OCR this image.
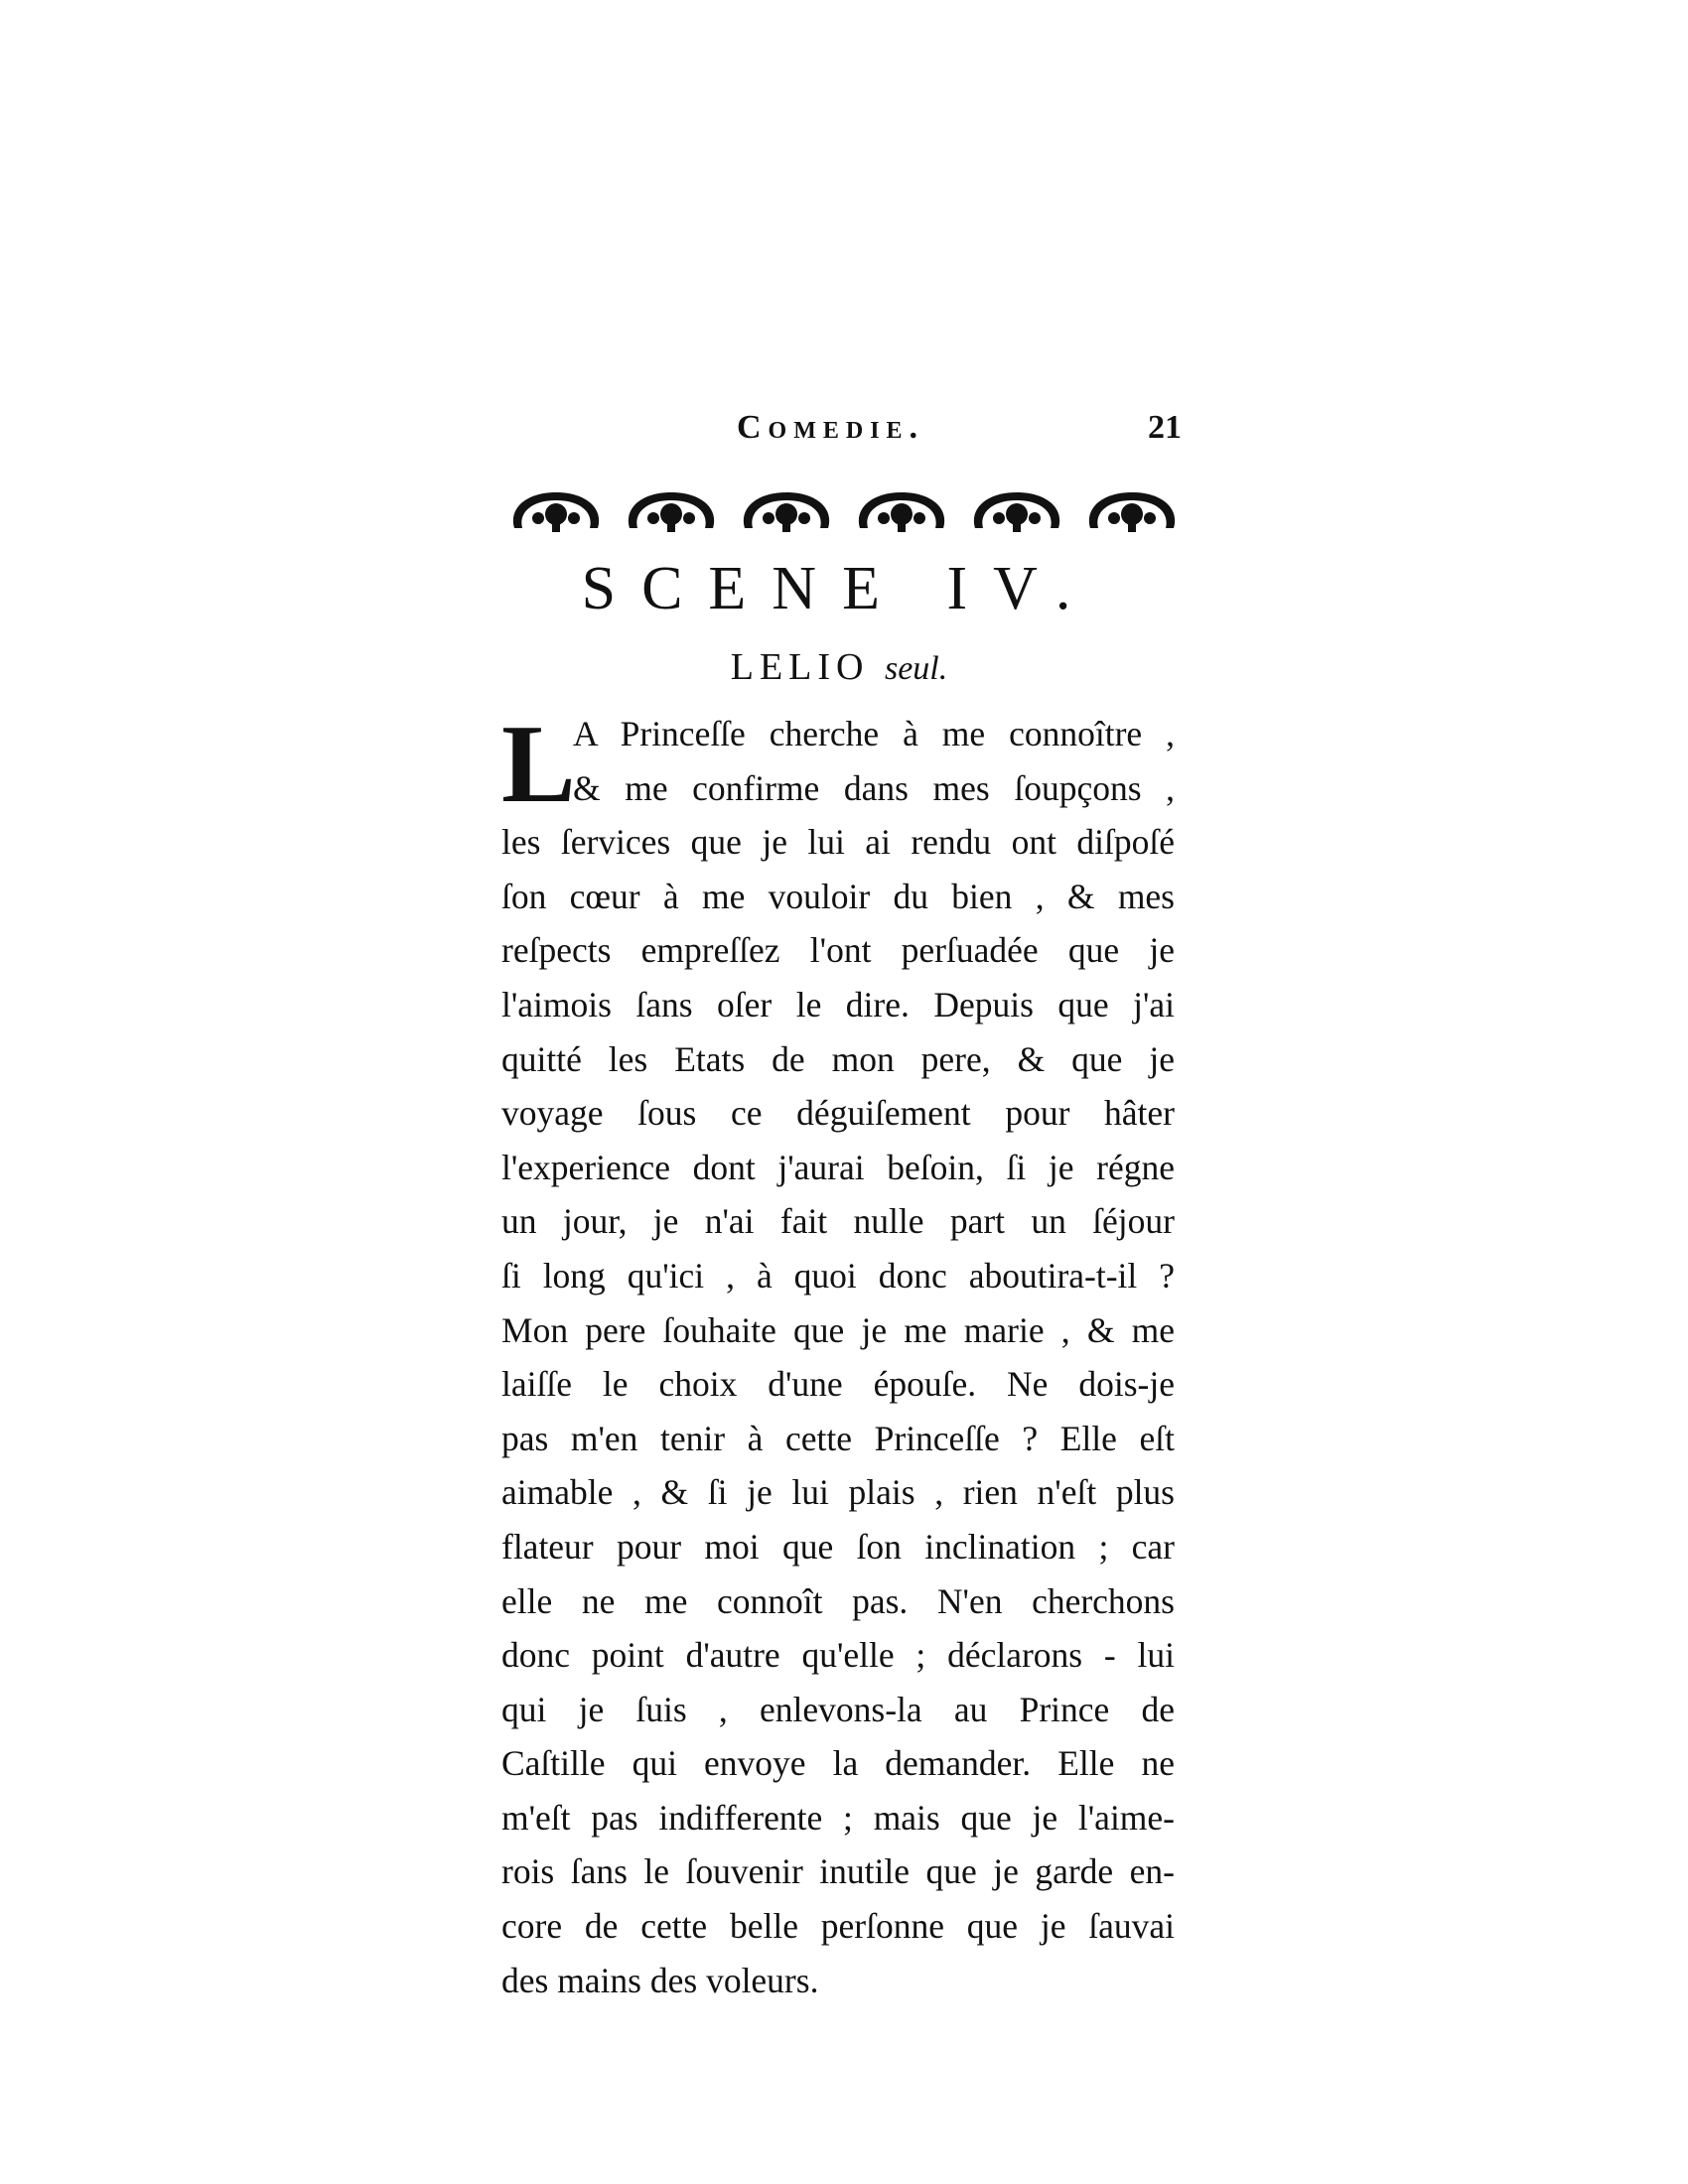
Comedie.	21
SCENE IV.
LELIO seul.
L
A Princeſſe cherche à me connoître ,
& me confirme dans mes ſoupçons ,
les ſervices que je lui ai rendu ont diſpoſé
ſon cœur à me vouloir du bien , & mes
reſpects empreſſez l'ont perſuadée que je
l'aimois ſans oſer le dire. Depuis que j'ai
quitté les Etats de mon pere, & que je
voyage ſous ce déguiſement pour hâter
l'experience dont j'aurai beſoin, ſi je régne
un jour, je n'ai fait nulle part un ſéjour
ſi long qu'ici , à quoi donc aboutira-t-il ?
Mon pere ſouhaite que je me marie , & me
laiſſe le choix d'une épouſe. Ne dois-je
pas m'en tenir à cette Princeſſe ? Elle eſt
aimable , & ſi je lui plais , rien n'eſt plus
flateur pour moi que ſon inclination ; car
elle ne me connoît pas. N'en cherchons
donc point d'autre qu'elle ; déclarons - lui
qui je ſuis , enlevons-la au Prince de
Caſtille qui envoye la demander. Elle ne
m'eſt pas indifferente ; mais que je l'aime-
rois ſans le ſouvenir inutile que je garde en-
core de cette belle perſonne que je ſauvai
des mains des voleurs.
